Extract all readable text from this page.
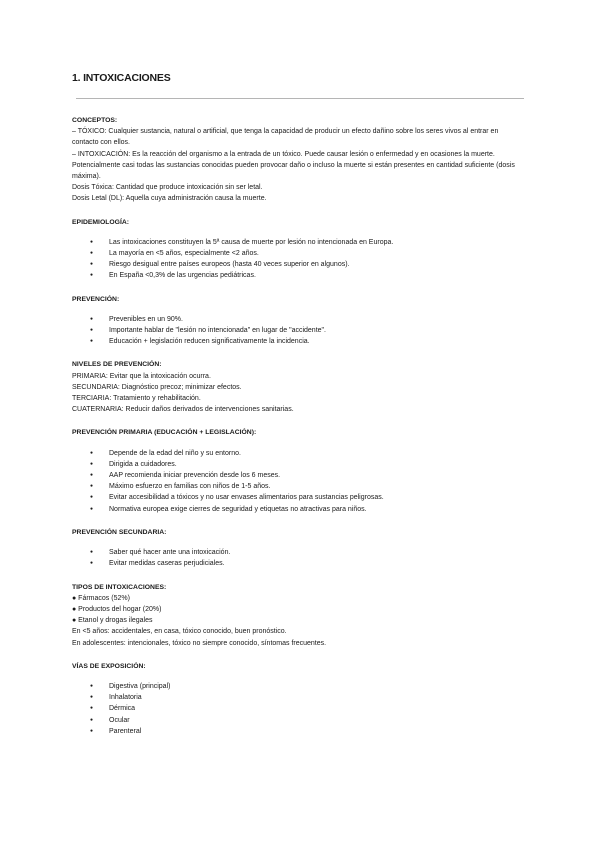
1. INTOXICACIONES
CONCEPTOS:

– TÓXICO: Cualquier sustancia, natural o artificial, que tenga la capacidad de producir un efecto dañino sobre los seres vivos al entrar en contacto con ellos.

– INTOXICACIÓN: Es la reacción del organismo a la entrada de un tóxico. Puede causar lesión o enfermedad y en ocasiones la muerte.

Potencialmente casi todas las sustancias conocidas pueden provocar daño o incluso la muerte si están presentes en cantidad suficiente (dosis máxima).

Dosis Tóxica: Cantidad que produce intoxicación sin ser letal.

Dosis Letal (DL): Aquella cuya administración causa la muerte.

EPIDEMIOLOGÍA:
● Las intoxicaciones constituyen la 5ª causa de muerte por lesión no intencionada en Europa.
● La mayoría en <5 años, especialmente <2 años.
● Riesgo desigual entre países europeos (hasta 40 veces superior en algunos).
● En España <0,3% de las urgencias pediátricas.
PREVENCIÓN:
● Prevenibles en un 90%.
● Importante hablar de "lesión no intencionada" en lugar de "accidente".
● Educación + legislación reducen significativamente la incidencia.
NIVELES DE PREVENCIÓN:

PRIMARIA: Evitar que la intoxicación ocurra.

SECUNDARIA: Diagnóstico precoz; minimizar efectos.

TERCIARIA: Tratamiento y rehabilitación.

CUATERNARIA: Reducir daños derivados de intervenciones sanitarias.

PREVENCIÓN PRIMARIA (EDUCACIÓN + LEGISLACIÓN):
● Depende de la edad del niño y su entorno.
● Dirigida a cuidadores.
● AAP recomienda iniciar prevención desde los 6 meses.
● Máximo esfuerzo en familias con niños de 1-5 años.
● Evitar accesibilidad a tóxicos y no usar envases alimentarios para sustancias peligrosas.
● Normativa europea exige cierres de seguridad y etiquetas no atractivas para niños.
PREVENCIÓN SECUNDARIA:
● Saber qué hacer ante una intoxicación.
● Evitar medidas caseras perjudiciales.
TIPOS DE INTOXICACIONES:

● Fármacos (52%)

● Productos del hogar (20%)

● Etanol y drogas ilegales

En <5 años: accidentales, en casa, tóxico conocido, buen pronóstico.

En adolescentes: intencionales, tóxico no siempre conocido, síntomas frecuentes.

VÍAS DE EXPOSICIÓN:
● Digestiva (principal)
● Inhalatoria
● Dérmica
● Ocular
● Parenteral
